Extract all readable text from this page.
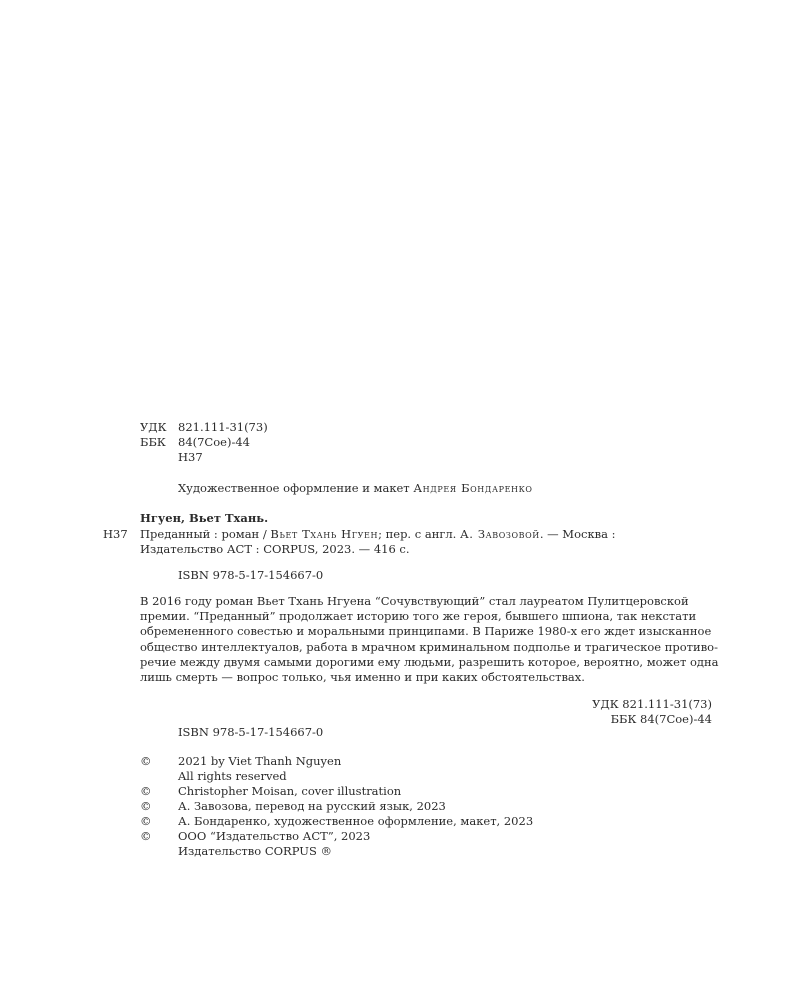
УДК 821.111-31(73)
ББК 84(7Сое)-44
Н37
Художественное оформление и макет Андрея Бондаренко
Нгуен, Вьет Тхань.
Н37 Преданный : роман / Вьет Тхань Нгуен; пер. с англ. А. Завозовой. — Москва :
Издательство АСТ : CORPUS, 2023. — 416 с.
ISBN 978-5-17-154667-0
В 2016 году роман Вьет Тхань Нгуена “Сочувствующий” стал лауреатом Пулитцеровской
премии. “Преданный” продолжает историю того же героя, бывшего шпиона, так некстати
обремененного совестью и моральными принципами. В Париже 1980-х его ждет изысканное
общество интеллектуалов, работа в мрачном криминальном подполье и трагическое противо-
речие между двумя самыми дорогими ему людьми, разрешить которое, вероятно, может одна
лишь смерть — вопрос только, чья именно и при каких обстоятельствах.
УДК 821.111-31(73)
ББК 84(7Сое)-44
ISBN 978-5-17-154667-0
© 2021 by Viet Thanh Nguyen
All rights reserved
© Christopher Moisan, cover illustration
© А. Завозова, перевод на русский язык, 2023
© А. Бондаренко, художественное оформление, макет, 2023
© ООО “Издательство АСТ”, 2023
Издательство CORPUS ®
